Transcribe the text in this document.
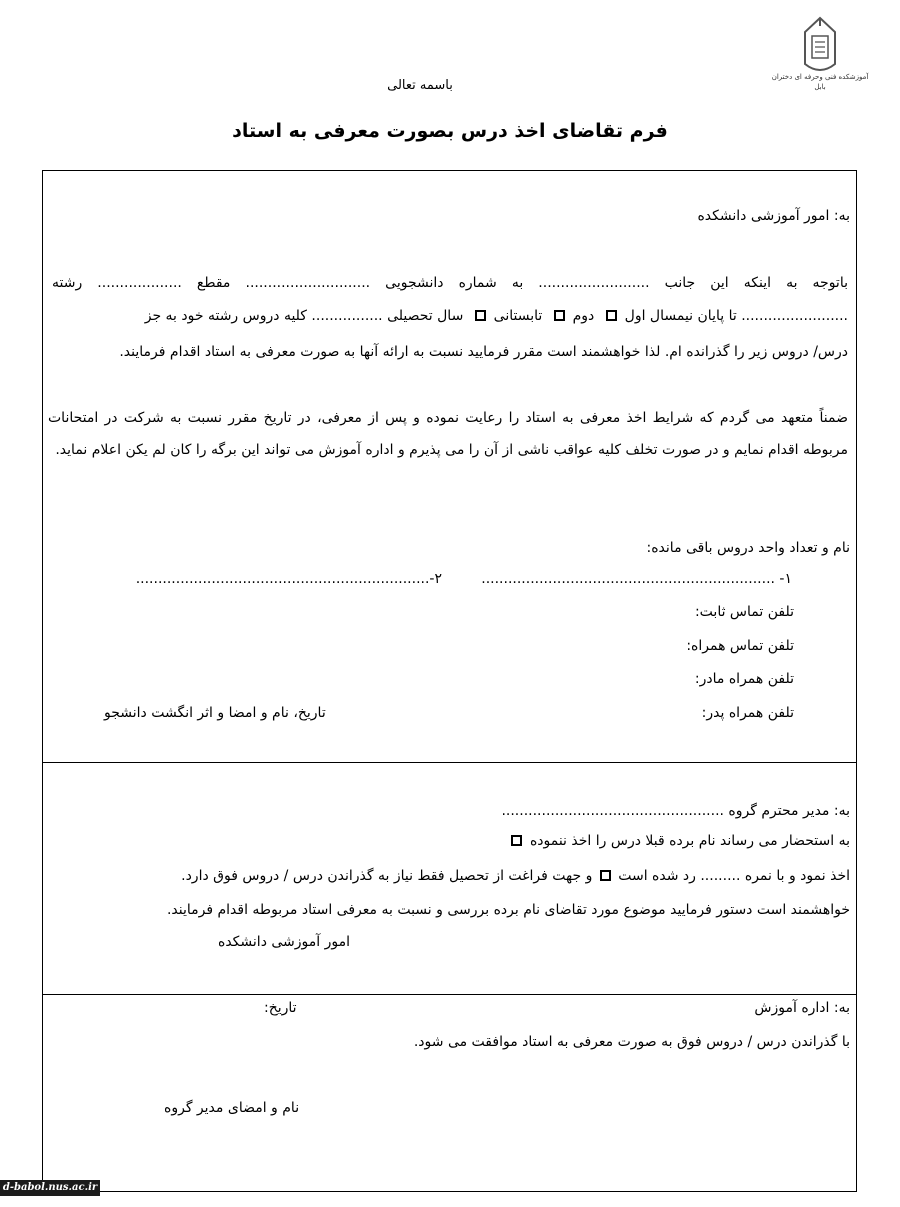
آموزشکده فنی وحرفه ای دختران بابل
باسمه تعالی
فرم تقاضای اخذ درس بصورت معرفی به استاد
به: امور آموزشی دانشکده
باتوجه به اینکه این جانب ......................... به شماره دانشجویی ............................ مقطع ................... رشته
........................ تا پایان نیمسال اول   دوم   تابستانی   سال تحصیلی ................ کلیه دروس رشته خود به جز
درس/ دروس زیر را گذرانده ام. لذا خواهشمند است مقرر فرمایید نسبت به ارائه آنها به صورت معرفی به استاد اقدام فرمایند.
ضمناً متعهد می گردم که شرایط اخذ معرفی به استاد را رعایت نموده و پس از معرفی، در تاریخ مقرر نسبت به شرکت در امتحانات مربوطه اقدام نمایم و در صورت تخلف کلیه عواقب ناشی از آن را می پذیرم و اداره آموزش می تواند این برگه را کان لم یکن اعلام نماید.
نام و تعداد واحد دروس باقی مانده:
۱- ..................................................................
۲-..................................................................
تلفن تماس ثابت:
تلفن تماس همراه:
تلفن همراه مادر:
تلفن همراه پدر:
تاریخ، نام و امضا و اثر انگشت دانشجو
به: مدیر محترم گروه ..................................................
به استحضار می رساند نام برده قبلا درس را اخذ ننموده
اخذ نمود و با نمره ......... رد شده است  و جهت فراغت از تحصیل فقط نیاز به گذراندن درس / دروس فوق دارد.
خواهشمند است دستور فرمایید موضوع مورد تقاضای نام برده بررسی و نسبت به معرفی استاد مربوطه اقدام فرمایند.
امور آموزشی دانشکده
به: اداره آموزش
تاریخ:
با گذراندن درس / دروس فوق به صورت معرفی به استاد موافقت می شود.
نام و امضای مدیر گروه
d-babol.nus.ac.ir
